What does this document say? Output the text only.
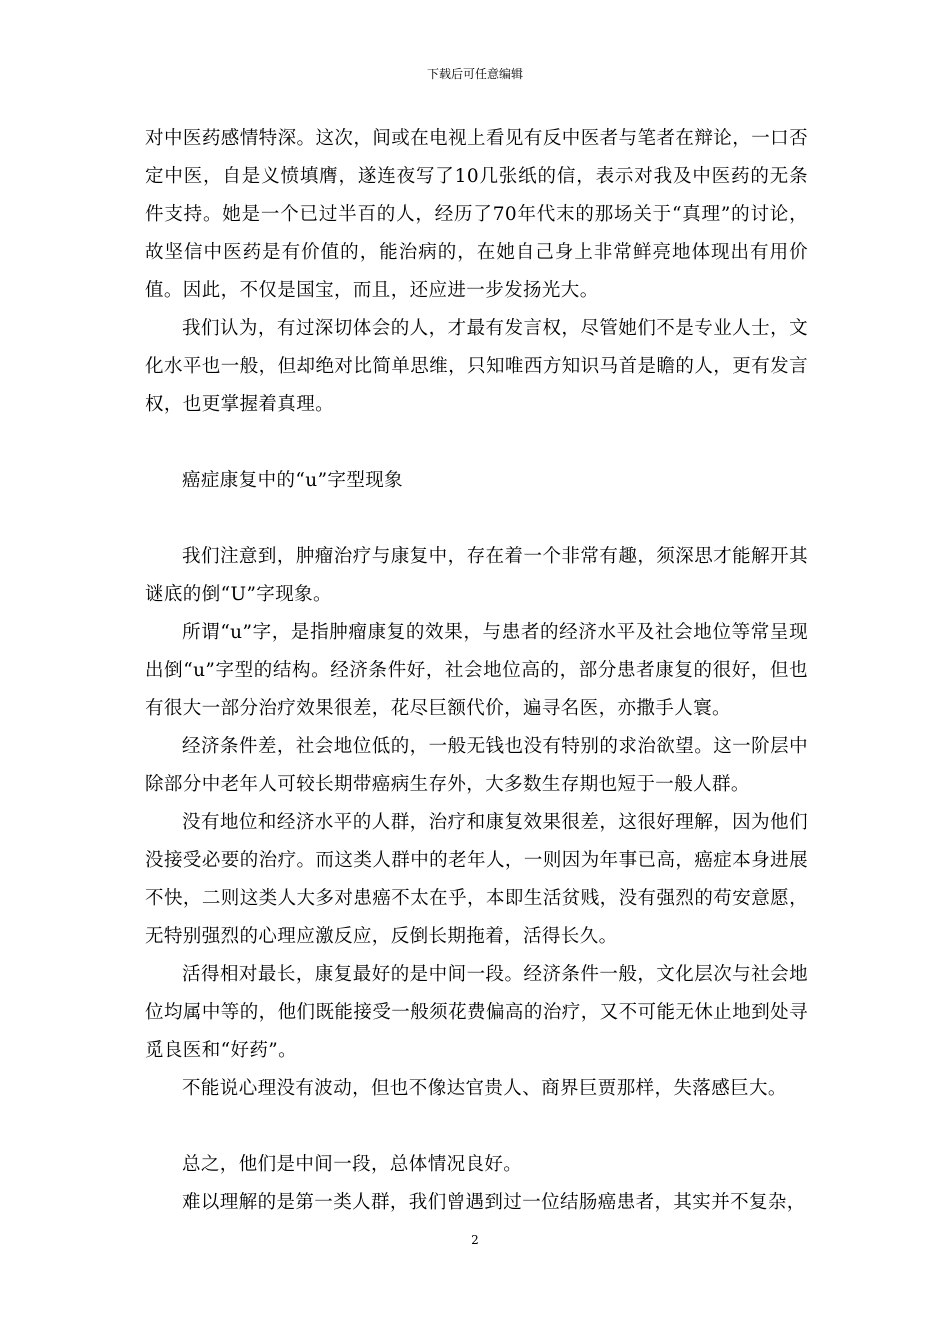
下载后可任意编辑

对中医药感情特深。这次，间或在电视上看见有反中医者与笔者在辩论，一口否定中医，自是义愤填膺，遂连夜写了10几张纸的信，表示对我及中医药的无条件支持。她是一个已过半百的人，经历了70年代末的那场关于“真理”的讨论，故坚信中医药是有价值的，能治病的，在她自己身上非常鲜亮地体现出有用价值。因此，不仅是国宝，而且，还应进一步发扬光大。

我们认为，有过深切体会的人，才最有发言权，尽管她们不是专业人士，文化水平也一般，但却绝对比简单思维，只知唯西方知识马首是瞻的人，更有发言权，也更掌握着真理。

癌症康复中的“u”字型现象

我们注意到，肿瘤治疗与康复中，存在着一个非常有趣，须深思才能解开其谜底的倒“U”字现象。

所谓“u”字，是指肿瘤康复的效果，与患者的经济水平及社会地位等常呈现出倒“u”字型的结构。经济条件好，社会地位高的，部分患者康复的很好，但也有很大一部分治疗效果很差，花尽巨额代价，遍寻名医，亦撒手人寰。

经济条件差，社会地位低的，一般无钱也没有特别的求治欲望。这一阶层中除部分中老年人可较长期带癌病生存外，大多数生存期也短于一般人群。

没有地位和经济水平的人群，治疗和康复效果很差，这很好理解，因为他们没接受必要的治疗。而这类人群中的老年人，一则因为年事已高，癌症本身进展不快，二则这类人大多对患癌不太在乎，本即生活贫贱，没有强烈的苟安意愿，无特别强烈的心理应激反应，反倒长期拖着，活得长久。

活得相对最长，康复最好的是中间一段。经济条件一般，文化层次与社会地位均属中等的，他们既能接受一般须花费偏高的治疗，又不可能无休止地到处寻觅良医和“好药”。

不能说心理没有波动，但也不像达官贵人、商界巨贾那样，失落感巨大。

总之，他们是中间一段，总体情况良好。

难以理解的是第一类人群，我们曾遇到过一位结肠癌患者，其实并不复杂，

2
